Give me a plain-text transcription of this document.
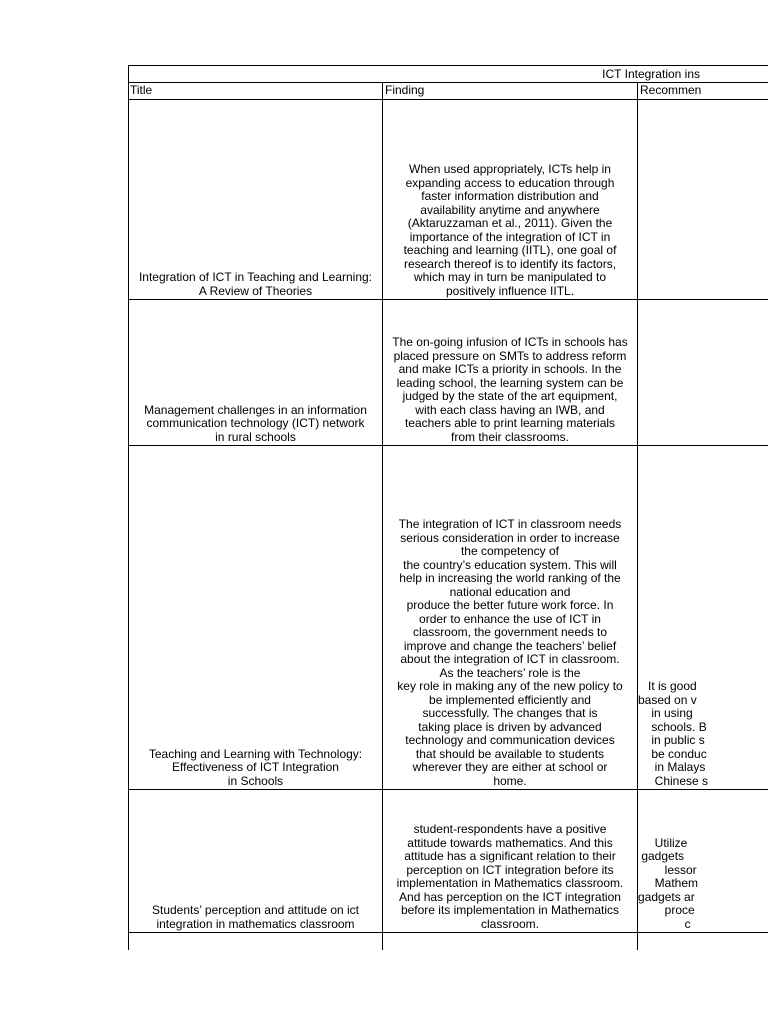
ICT Integration ins
Title	Finding	Recommen
Integration of ICT in Teaching and Learning:
A Review of Theories
When used appropriately, ICTs help in
expanding access to education through
faster information distribution and
availability anytime and anywhere
(Aktaruzzaman et al., 2011). Given the
importance of the integration of ICT in
teaching and learning (IITL), one goal of
research thereof is to identify its factors,
which may in turn be manipulated to
positively influence IITL.
Management challenges in an information
communication technology (ICT) network
in rural schools
The on-going infusion of ICTs in schools has
placed pressure on SMTs to address reform
and make ICTs a priority in schools. In the
leading school, the learning system can be
judged by the state of the art equipment,
with each class having an IWB, and
teachers able to print learning materials
from their classrooms.
Teaching and Learning with Technology:
Effectiveness of ICT Integration
in Schools
The integration of ICT in classroom needs
serious consideration in order to increase
the competency of
the country’s education system. This will
help in increasing the world ranking of the
national education and
produce the better future work force. In
order to enhance the use of ICT in
classroom, the government needs to
improve and change the teachers’ belief
about the integration of ICT in classroom.
As the teachers’ role is the
key role in making any of the new policy to
be implemented efficiently and
successfully. The changes that is
taking place is driven by advanced
technology and communication devices
that should be available to students
wherever they are either at school or
home.
It is good
based on v
in using
schools. B
in public s
be conduc
in Malays
Chinese s
Students’ perception and attitude on ict
integration in mathematics classroom
student-respondents have a positive
attitude towards mathematics. And this
attitude has a significant relation to their
perception on ICT integration before its
implementation in Mathematics classroom.
And has perception on the ICT integration
before its implementation in Mathematics
classroom.
Utilize
gadgets
lessor
Mathem
gadgets ar
proce
c
